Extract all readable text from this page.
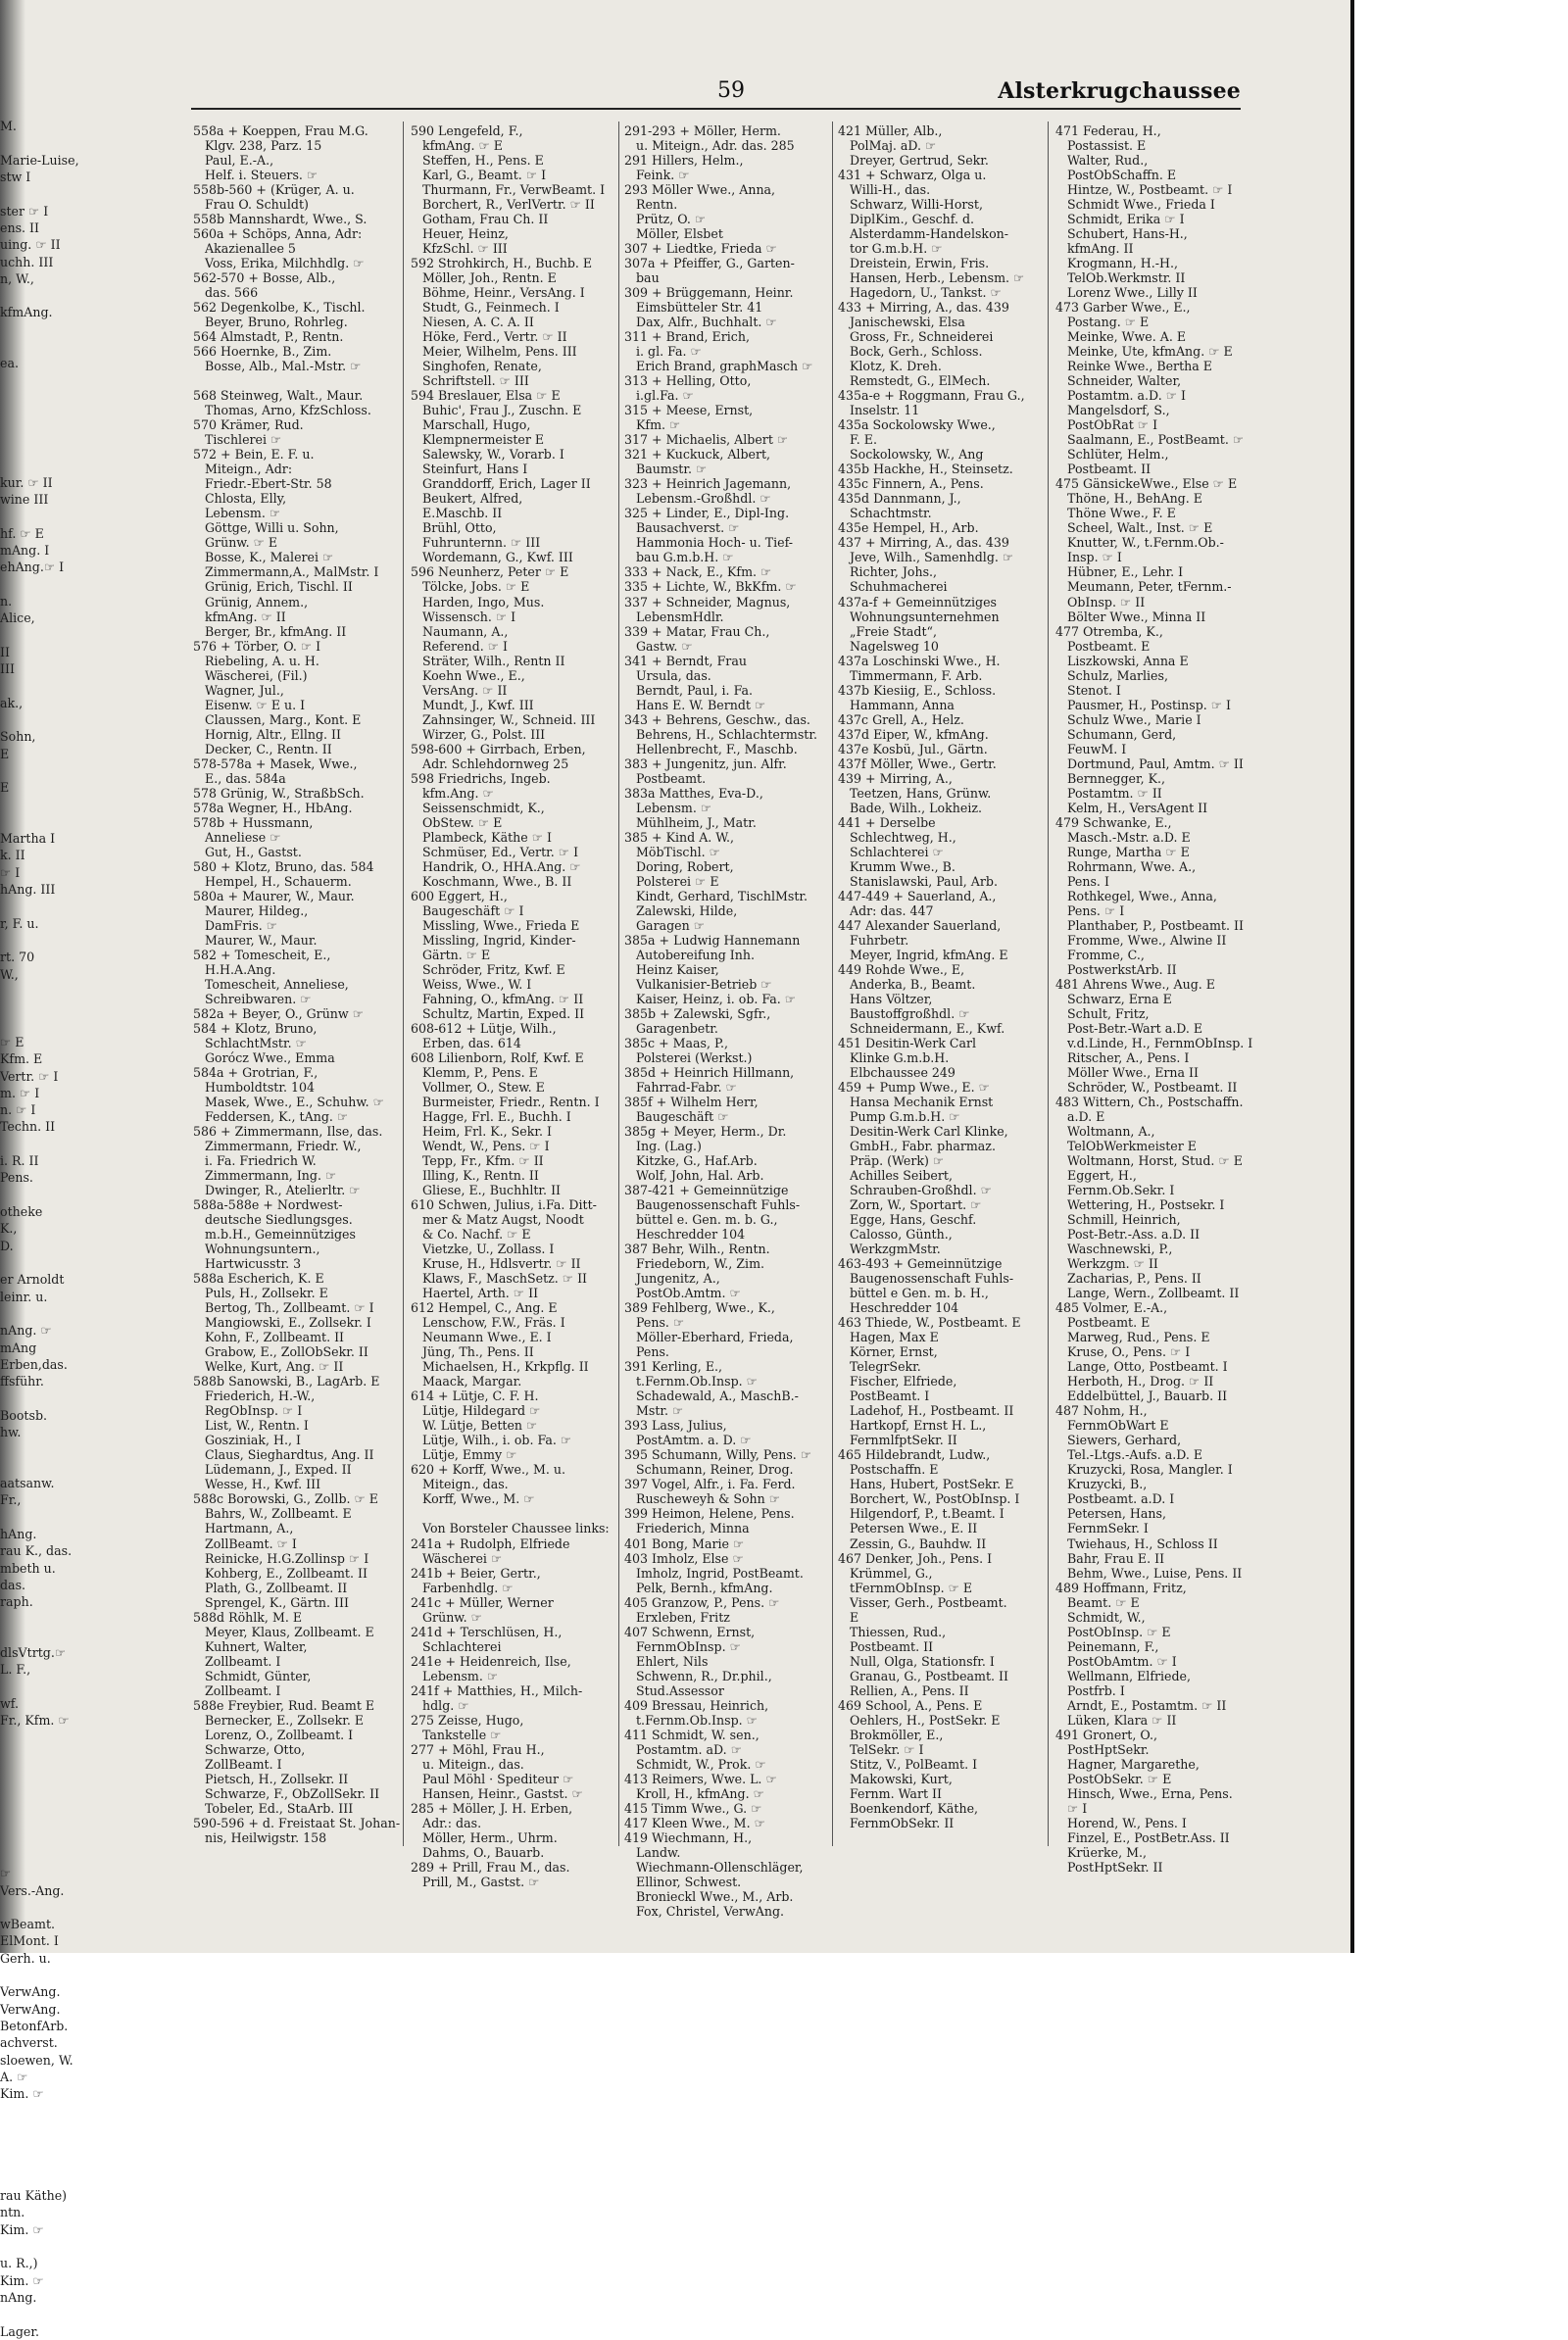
M.
Marie-Luise,
stw I
ster ☞ I
ens. II
uing. ☞ II
uchh. III
n, W.,
kfmAng.
ea.
kur. ☞ II
wine III
hf. ☞ E
mAng. I
ehAng.☞ I
n.
Alice,
II
III
ak.,
Sohn,
E
E
Martha I
k. II
☞ I
hAng. III
r, F. u.
rt. 70
W.,
☞ E
Kfm. E
Vertr. ☞ I
m. ☞ I
n. ☞ I
Techn. II
i. R. II
Pens.
otheke
K.,
D.
er Arnoldt
leinr. u.
nAng. ☞
mAng
Erben,das.
ffsführ.
Bootsb.
hw.
aatsanw.
Fr.,
hAng.
rau K., das.
mbeth u.
das.
raph.
dlsVtrtg.☞
L. F.,
wf.
Fr., Kfm. ☞
☞
Vers.-Ang.
wBeamt.
ElMont. I
Gerh. u.
VerwAng.
VerwAng.
BetonfArb.
achverst.
sloewen, W.
A. ☞
Kim. ☞
rau Käthe)
ntn.
Kim. ☞
u. R.,)
Kim. ☞
nAng.
Lager.
59	Alsterkrugchaussee
558a + Koeppen, Frau M.G.
Klgv. 238, Parz. 15
Paul, E.-A.,
Helf. i. Steuers. ☞
558b-560 + (Krüger, A. u.
Frau O. Schuldt)
558b Mannshardt, Wwe., S.
560a + Schöps, Anna, Adr:
Akazienallee 5
Voss, Erika, Milchhdlg. ☞
562-570 + Bosse, Alb.,
das. 566
562 Degenkolbe, K., Tischl.
Beyer, Bruno, Rohrleg.
564 Almstadt, P., Rentn.
566 Hoernke, B., Zim.
Bosse, Alb., Mal.-Mstr. ☞
568 Steinweg, Walt., Maur.
Thomas, Arno, KfzSchloss.
570 Krämer, Rud.
Tischlerei ☞
572 + Bein, E. F. u.
Miteign., Adr:
Friedr.-Ebert-Str. 58
Chlosta, Elly,
Lebensm. ☞
Göttge, Willi u. Sohn,
Grünw. ☞ E
Bosse, K., Malerei ☞
Zimmermann,A., MalMstr. I
Grünig, Erich, Tischl. II
Grünig, Annem.,
kfmAng. ☞ II
Berger, Br., kfmAng. II
576 + Törber, O. ☞ I
Riebeling, A. u. H.
Wäscherei, (Fil.)
Wagner, Jul.,
Eisenw. ☞ E u. I
Claussen, Marg., Kont. E
Hornig, Altr., Ellng. II
Decker, C., Rentn. II
578-578a + Masek, Wwe.,
E., das. 584a
578 Grünig, W., StraßbSch.
578a Wegner, H., HbAng.
578b + Hussmann,
Anneliese ☞
Gut, H., Gastst.
580 + Klotz, Bruno, das. 584
Hempel, H., Schauerm.
580a + Maurer, W., Maur.
Maurer, Hildeg.,
DamFris. ☞
Maurer, W., Maur.
582 + Tomescheit, E.,
H.H.A.Ang.
Tomescheit, Anneliese,
Schreibwaren. ☞
582a + Beyer, O., Grünw ☞
584 + Klotz, Bruno,
SchlachtMstr. ☞
Gorócz Wwe., Emma
584a + Grotrian, F.,
Humboldtstr. 104
Masek, Wwe., E., Schuhw. ☞
Feddersen, K., tAng. ☞
586 + Zimmermann, Ilse, das.
Zimmermann, Friedr. W.,
i. Fa. Friedrich W.
Zimmermann, Ing. ☞
Dwinger, R., Atelierltr. ☞
588a-588e + Nordwest-
deutsche Siedlungsges.
m.b.H., Gemeinnütziges
Wohnungsuntern.,
Hartwicusstr. 3
588a Escherich, K. E
Puls, H., Zollsekr. E
Bertog, Th., Zollbeamt. ☞ I
Mangiowski, E., Zollsekr. I
Kohn, F., Zollbeamt. II
Grabow, E., ZollObSekr. II
Welke, Kurt, Ang. ☞ II
588b Sanowski, B., LagArb. E
Friederich, H.-W.,
RegObInsp. ☞ I
List, W., Rentn. I
Gosziniak, H., I
Claus, Sieghardtus, Ang. II
Lüdemann, J., Exped. II
Wesse, H., Kwf. III
588c Borowski, G., Zollb. ☞ E
Bahrs, W., Zollbeamt. E
Hartmann, A.,
ZollBeamt. ☞ I
Reinicke, H.G.Zollinsp ☞ I
Kohberg, E., Zollbeamt. II
Plath, G., Zollbeamt. II
Sprengel, K., Gärtn. III
588d Röhlk, M. E
Meyer, Klaus, Zollbeamt. E
Kuhnert, Walter,
Zollbeamt. I
Schmidt, Günter,
Zollbeamt. I
588e Freybier, Rud. Beamt E
Bernecker, E., Zollsekr. E
Lorenz, O., Zollbeamt. I
Schwarze, Otto,
ZollBeamt. I
Pietsch, H., Zollsekr. II
Schwarze, F., ObZollSekr. II
Tobeler, Ed., StaArb. III
590-596 + d. Freistaat St. Johan-
nis, Heilwigstr. 158
590 Lengefeld, F.,
kfmAng. ☞ E
Steffen, H., Pens. E
Karl, G., Beamt. ☞ I
Thurmann, Fr., VerwBeamt. I
Borchert, R., VerlVertr. ☞ II
Gotham, Frau Ch. II
Heuer, Heinz,
KfzSchl. ☞ III
592 Strohkirch, H., Buchb. E
Möller, Joh., Rentn. E
Böhme, Heinr., VersAng. I
Studt, G., Feinmech. I
Niesen, A. C. A. II
Höke, Ferd., Vertr. ☞ II
Meier, Wilhelm, Pens. III
Singhofen, Renate,
Schriftstell. ☞ III
594 Breslauer, Elsa ☞ E
Buhic', Frau J., Zuschn. E
Marschall, Hugo,
Klempnermeister E
Salewsky, W., Vorarb. I
Steinfurt, Hans I
Granddorff, Erich, Lager II
Beukert, Alfred,
E.Maschb. II
Brühl, Otto,
Fuhrunternn. ☞ III
Wordemann, G., Kwf. III
596 Neunherz, Peter ☞ E
Tölcke, Jobs. ☞ E
Harden, Ingo, Mus.
Wissensch. ☞ I
Naumann, A.,
Referend. ☞ I
Sträter, Wilh., Rentn II
Koehn Wwe., E.,
VersAng. ☞ II
Mundt, J., Kwf. III
Zahnsinger, W., Schneid. III
Wirzer, G., Polst. III
598-600 + Girrbach, Erben,
Adr. Schlehdornweg 25
598 Friedrichs, Ingeb.
kfm.Ang. ☞
Seissenschmidt, K.,
ObStew. ☞ E
Plambeck, Käthe ☞ I
Schmüser, Ed., Vertr. ☞ I
Handrik, O., HHA.Ang. ☞
Koschmann, Wwe., B. II
600 Eggert, H.,
Baugeschäft ☞ I
Missling, Wwe., Frieda E
Missling, Ingrid, Kinder-
Gärtn. ☞ E
Schröder, Fritz, Kwf. E
Weiss, Wwe., W. I
Fahning, O., kfmAng. ☞ II
Schultz, Martin, Exped. II
608-612 + Lütje, Wilh.,
Erben, das. 614
608 Lilienborn, Rolf, Kwf. E
Klemm, P., Pens. E
Vollmer, O., Stew. E
Burmeister, Friedr., Rentn. I
Hagge, Frl. E., Buchh. I
Heim, Frl. K., Sekr. I
Wendt, W., Pens. ☞ I
Tepp, Fr., Kfm. ☞ II
Illing, K., Rentn. II
Gliese, E., Buchhltr. II
610 Schwen, Julius, i.Fa. Ditt-
mer & Matz Augst, Noodt
& Co. Nachf. ☞ E
Vietzke, U., Zollass. I
Kruse, H., Hdlsvertr. ☞ II
Klaws, F., MaschSetz. ☞ II
Haertel, Arth. ☞ II
612 Hempel, C., Ang. E
Lenschow, F.W., Fräs. I
Neumann Wwe., E. I
Jüng, Th., Pens. II
Michaelsen, H., Krkpflg. II
Maack, Margar.
614 + Lütje, C. F. H.
Lütje, Hildegard ☞
W. Lütje, Betten ☞
Lütje, Wilh., i. ob. Fa. ☞
Lütje, Emmy ☞
620 + Korff, Wwe., M. u.
Miteign., das.
Korff, Wwe., M. ☞
Von Borsteler Chaussee links:
241a + Rudolph, Elfriede
Wäscherei ☞
241b + Beier, Gertr.,
Farbenhdlg. ☞
241c + Müller, Werner
Grünw. ☞
241d + Terschlüsen, H.,
Schlachterei
241e + Heidenreich, Ilse,
Lebensm. ☞
241f + Matthies, H., Milch-
hdlg. ☞
275 Zeisse, Hugo,
Tankstelle ☞
277 + Möhl, Frau H.,
u. Miteign., das.
Paul Möhl · Spediteur ☞
Hansen, Heinr., Gastst. ☞
285 + Möller, J. H. Erben,
Adr.: das.
Möller, Herm., Uhrm.
Dahms, O., Bauarb.
289 + Prill, Frau M., das.
Prill, M., Gastst. ☞
291-293 + Möller, Herm.
u. Miteign., Adr. das. 285
291 Hillers, Helm.,
Feink. ☞
293 Möller Wwe., Anna,
Rentn.
Prütz, O. ☞
Möller, Elsbet
307 + Liedtke, Frieda ☞
307a + Pfeiffer, G., Garten-
bau
309 + Brüggemann, Heinr.
Eimsbütteler Str. 41
Dax, Alfr., Buchhalt. ☞
311 + Brand, Erich,
i. gl. Fa. ☞
Erich Brand, graphMasch ☞
313 + Helling, Otto,
i.gl.Fa. ☞
315 + Meese, Ernst,
Kfm. ☞
317 + Michaelis, Albert ☞
321 + Kuckuck, Albert,
Baumstr. ☞
323 + Heinrich Jagemann,
Lebensm.-Großhdl. ☞
325 + Linder, E., Dipl-Ing.
Bausachverst. ☞
Hammonia Hoch- u. Tief-
bau G.m.b.H. ☞
333 + Nack, E., Kfm. ☞
335 + Lichte, W., BkKfm. ☞
337 + Schneider, Magnus,
LebensmHdlr.
339 + Matar, Frau Ch.,
Gastw. ☞
341 + Berndt, Frau
Ursula, das.
Berndt, Paul, i. Fa.
Hans E. W. Berndt ☞
343 + Behrens, Geschw., das.
Behrens, H., Schlachtermstr.
Hellenbrecht, F., Maschb.
383 + Jungenitz, jun. Alfr.
Postbeamt.
383a Matthes, Eva-D.,
Lebensm. ☞
Mühlheim, J., Matr.
385 + Kind A. W.,
MöbTischl. ☞
Doring, Robert,
Polsterei ☞ E
Kindt, Gerhard, TischlMstr.
Zalewski, Hilde,
Garagen ☞
385a + Ludwig Hannemann
Autobereifung Inh.
Heinz Kaiser,
Vulkanisier-Betrieb ☞
Kaiser, Heinz, i. ob. Fa. ☞
385b + Zalewski, Sgfr.,
Garagenbetr.
385c + Maas, P.,
Polsterei (Werkst.)
385d + Heinrich Hillmann,
Fahrrad-Fabr. ☞
385f + Wilhelm Herr,
Baugeschäft ☞
385g + Meyer, Herm., Dr.
Ing. (Lag.)
Kitzke, G., Haf.Arb.
Wolf, John, Hal. Arb.
387-421 + Gemeinnützige
Baugenossenschaft Fuhls-
büttel e. Gen. m. b. G.,
Heschredder 104
387 Behr, Wilh., Rentn.
Friedeborn, W., Zim.
Jungenitz, A.,
PostOb.Amtm. ☞
389 Fehlberg, Wwe., K.,
Pens. ☞
Möller-Eberhard, Frieda,
Pens.
391 Kerling, E.,
t.Fernm.Ob.Insp. ☞
Schadewald, A., MaschB.-
Mstr. ☞
393 Lass, Julius,
PostAmtm. a. D. ☞
395 Schumann, Willy, Pens. ☞
Schumann, Reiner, Drog.
397 Vogel, Alfr., i. Fa. Ferd.
Ruscheweyh & Sohn ☞
399 Heimon, Helene, Pens.
Friederich, Minna
401 Bong, Marie ☞
403 Imholz, Else ☞
Imholz, Ingrid, PostBeamt.
Pelk, Bernh., kfmAng.
405 Granzow, P., Pens. ☞
Erxleben, Fritz
407 Schwenn, Ernst,
FernmObInsp. ☞
Ehlert, Nils
Schwenn, R., Dr.phil.,
Stud.Assessor
409 Bressau, Heinrich,
t.Fernm.Ob.Insp. ☞
411 Schmidt, W. sen.,
Postamtm. aD. ☞
Schmidt, W., Prok. ☞
413 Reimers, Wwe. L. ☞
Kroll, H., kfmAng. ☞
415 Timm Wwe., G. ☞
417 Kleen Wwe., M. ☞
419 Wiechmann, H.,
Landw.
Wiechmann-Ollenschläger,
Ellinor, Schwest.
Bronieckl Wwe., M., Arb.
Fox, Christel, VerwAng.
421 Müller, Alb.,
PolMaj. aD. ☞
Dreyer, Gertrud, Sekr.
431 + Schwarz, Olga u.
Willi-H., das.
Schwarz, Willi-Horst,
DiplKim., Geschf. d.
Alsterdamm-Handelskon-
tor G.m.b.H. ☞
Dreistein, Erwin, Fris.
Hansen, Herb., Lebensm. ☞
Hagedorn, U., Tankst. ☞
433 + Mirring, A., das. 439
Janischewski, Elsa
Gross, Fr., Schneiderei
Bock, Gerh., Schloss.
Klotz, K. Dreh.
Remstedt, G., ElMech.
435a-e + Roggmann, Frau G.,
Inselstr. 11
435a Sockolowsky Wwe.,
F. E.
Sockolowsky, W., Ang
435b Hackhe, H., Steinsetz.
435c Finnern, A., Pens.
435d Dannmann, J.,
Schachtmstr.
435e Hempel, H., Arb.
437 + Mirring, A., das. 439
Jeve, Wilh., Samenhdlg. ☞
Richter, Johs.,
Schuhmacherei
437a-f + Gemeinnütziges
Wohnungsunternehmen
„Freie Stadt“,
Nagelsweg 10
437a Loschinski Wwe., H.
Timmermann, F. Arb.
437b Kiesiig, E., Schloss.
Hammann, Anna
437c Grell, A., Helz.
437d Eiper, W., kfmAng.
437e Kosbü, Jul., Gärtn.
437f Möller, Wwe., Gertr.
439 + Mirring, A.,
Teetzen, Hans, Grünw.
Bade, Wilh., Lokheiz.
441 + Derselbe
Schlechtweg, H.,
Schlachterei ☞
Krumm Wwe., B.
Stanislawski, Paul, Arb.
447-449 + Sauerland, A.,
Adr: das. 447
447 Alexander Sauerland,
Fuhrbetr.
Meyer, Ingrid, kfmAng. E
449 Rohde Wwe., E,
Anderka, B., Beamt.
Hans Völtzer,
Baustoffgroßhdl. ☞
Schneidermann, E., Kwf.
451 Desitin-Werk Carl
Klinke G.m.b.H.
Elbchaussee 249
459 + Pump Wwe., E. ☞
Hansa Mechanik Ernst
Pump G.m.b.H. ☞
Desitin-Werk Carl Klinke,
GmbH., Fabr. pharmaz.
Präp. (Werk) ☞
Achilles Seibert,
Schrauben-Großhdl. ☞
Zorn, W., Sportart. ☞
Egge, Hans, Geschf.
Calosso, Günth.,
WerkzgmMstr.
463-493 + Gemeinnützige
Baugenossenschaft Fuhls-
büttel e Gen. m. b. H.,
Heschredder 104
463 Thiede, W., Postbeamt. E
Hagen, Max E
Körner, Ernst,
TelegrSekr.
Fischer, Elfriede,
PostBeamt. I
Ladehof, H., Postbeamt. II
Hartkopf, Ernst H. L.,
FernmlfptSekr. II
465 Hildebrandt, Ludw.,
Postschaffn. E
Hans, Hubert, PostSekr. E
Borchert, W., PostObInsp. I
Hilgendorf, P., t.Beamt. I
Petersen Wwe., E. II
Zessin, G., Bauhdw. II
467 Denker, Joh., Pens. I
Krümmel, G.,
tFernmObInsp. ☞ E
Visser, Gerh., Postbeamt.
E
Thiessen, Rud.,
Postbeamt. II
Null, Olga, Stationsfr. I
Granau, G., Postbeamt. II
Rellien, A., Pens. II
469 School, A., Pens. E
Oehlers, H., PostSekr. E
Brokmöller, E.,
TelSekr. ☞ I
Stitz, V., PolBeamt. I
Makowski, Kurt,
Fernm. Wart II
Boenkendorf, Käthe,
FernmObSekr. II
471 Federau, H.,
Postassist. E
Walter, Rud.,
PostObSchaffn. E
Hintze, W., Postbeamt. ☞ I
Schmidt Wwe., Frieda I
Schmidt, Erika ☞ I
Schubert, Hans-H.,
kfmAng. II
Krogmann, H.-H.,
TelOb.Werkmstr. II
Lorenz Wwe., Lilly II
473 Garber Wwe., E.,
Postang. ☞ E
Meinke, Wwe. A. E
Meinke, Ute, kfmAng. ☞ E
Reinke Wwe., Bertha E
Schneider, Walter,
Postamtm. a.D. ☞ I
Mangelsdorf, S.,
PostObRat ☞ I
Saalmann, E., PostBeamt. ☞
Schlüter, Helm.,
Postbeamt. II
475 GänsickeWwe., Else ☞ E
Thöne, H., BehAng. E
Thöne Wwe., F. E
Scheel, Walt., Inst. ☞ E
Knutter, W., t.Fernm.Ob.-
Insp. ☞ I
Hübner, E., Lehr. I
Meumann, Peter, tFernm.-
ObInsp. ☞ II
Bölter Wwe., Minna II
477 Otremba, K.,
Postbeamt. E
Liszkowski, Anna E
Schulz, Marlies,
Stenot. I
Pausmer, H., Postinsp. ☞ I
Schulz Wwe., Marie I
Schumann, Gerd,
FeuwM. I
Dortmund, Paul, Amtm. ☞ II
Bernnegger, K.,
Postamtm. ☞ II
Kelm, H., VersAgent II
479 Schwanke, E.,
Masch.-Mstr. a.D. E
Runge, Martha ☞ E
Rohrmann, Wwe. A.,
Pens. I
Rothkegel, Wwe., Anna,
Pens. ☞ I
Planthaber, P., Postbeamt. II
Fromme, Wwe., Alwine II
Fromme, C.,
PostwerkstArb. II
481 Ahrens Wwe., Aug. E
Schwarz, Erna E
Schult, Fritz,
Post-Betr.-Wart a.D. E
v.d.Linde, H., FernmObInsp. I
Ritscher, A., Pens. I
Möller Wwe., Erna II
Schröder, W., Postbeamt. II
483 Wittern, Ch., Postschaffn.
a.D. E
Woltmann, A.,
TelObWerkmeister E
Woltmann, Horst, Stud. ☞ E
Eggert, H.,
Fernm.Ob.Sekr. I
Wettering, H., Postsekr. I
Schmill, Heinrich,
Post-Betr.-Ass. a.D. II
Waschnewski, P.,
Werkzgm. ☞ II
Zacharias, P., Pens. II
Lange, Wern., Zollbeamt. II
485 Volmer, E.-A.,
Postbeamt. E
Marweg, Rud., Pens. E
Kruse, O., Pens. ☞ I
Lange, Otto, Postbeamt. I
Herboth, H., Drog. ☞ II
Eddelbüttel, J., Bauarb. II
487 Nohm, H.,
FernmObWart E
Siewers, Gerhard,
Tel.-Ltgs.-Aufs. a.D. E
Kruzycki, Rosa, Mangler. I
Kruzycki, B.,
Postbeamt. a.D. I
Petersen, Hans,
FernmSekr. I
Twiehaus, H., Schloss II
Bahr, Frau E. II
Behm, Wwe., Luise, Pens. II
489 Hoffmann, Fritz,
Beamt. ☞ E
Schmidt, W.,
PostObInsp. ☞ E
Peinemann, F.,
PostObAmtm. ☞ I
Wellmann, Elfriede,
Postfrb. I
Arndt, E., Postamtm. ☞ II
Lüken, Klara ☞ II
491 Gronert, O.,
PostHptSekr.
Hagner, Margarethe,
PostObSekr. ☞ E
Hinsch, Wwe., Erna, Pens.
☞ I
Horend, W., Pens. I
Finzel, E., PostBetr.Ass. II
Krüerke, M.,
PostHptSekr. II
